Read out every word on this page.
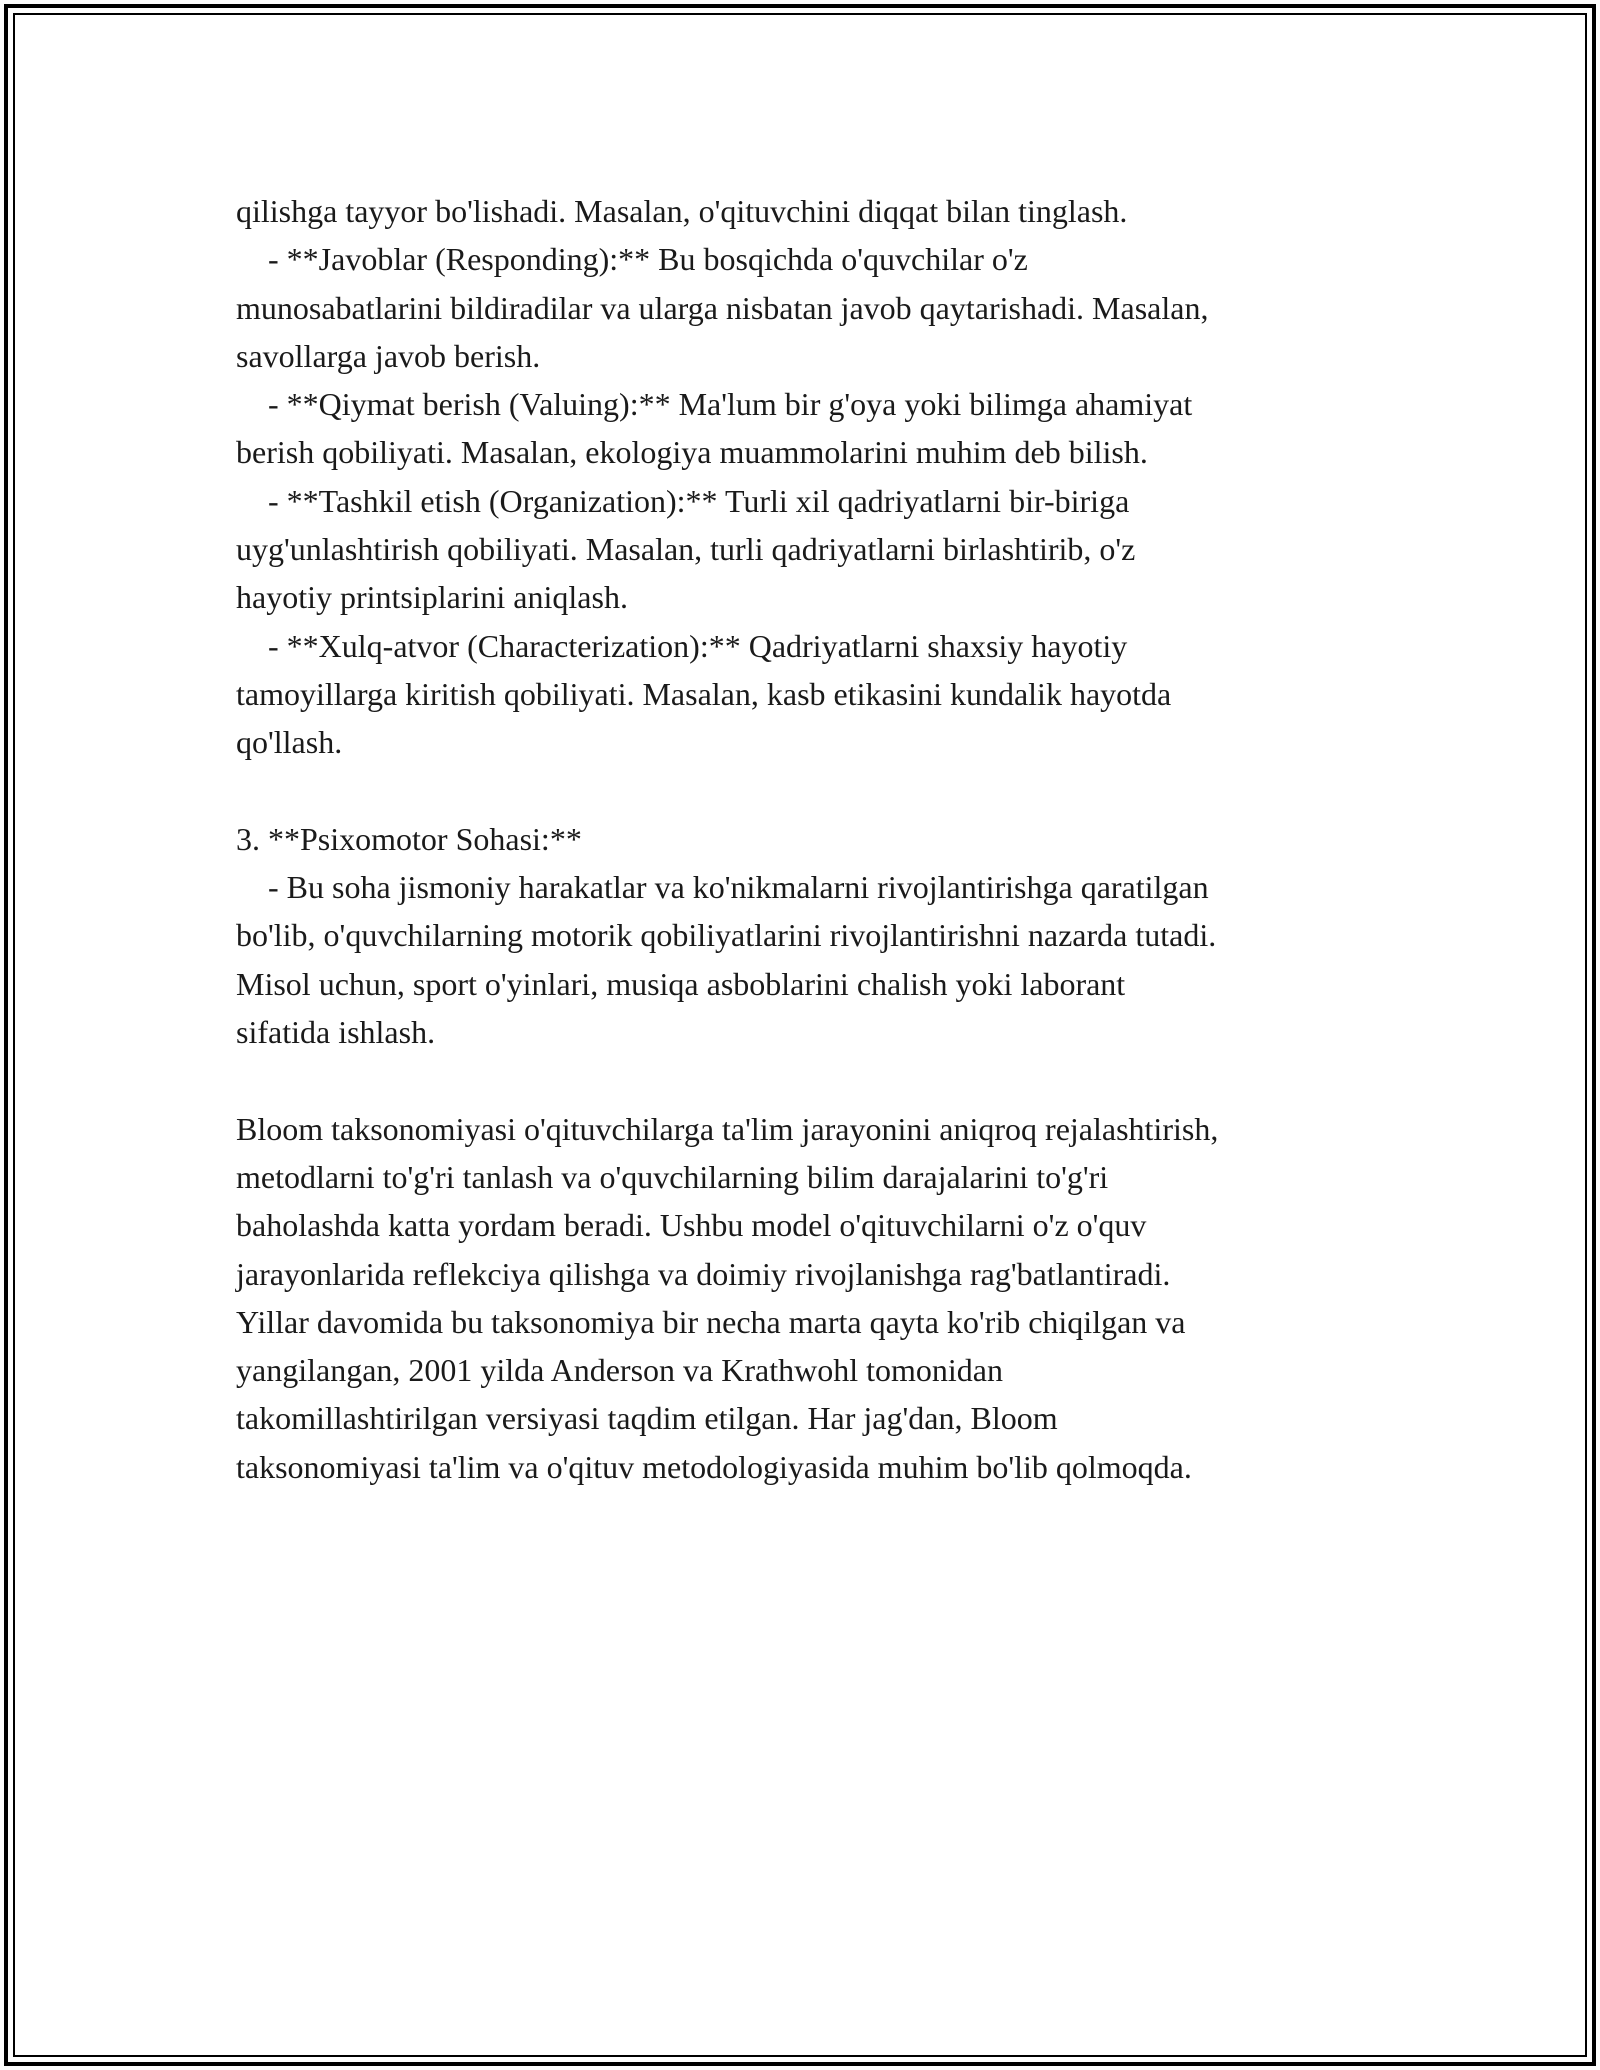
qilishga tayyor bo'lishadi. Masalan, o'qituvchini diqqat bilan tinglash.
- **Javoblar (Responding):** Bu bosqichda o'quvchilar o'z
munosabatlarini bildiradilar va ularga nisbatan javob qaytarishadi. Masalan,
savollarga javob berish.
- **Qiymat berish (Valuing):** Ma'lum bir g'oya yoki bilimga ahamiyat
berish qobiliyati. Masalan, ekologiya muammolarini muhim deb bilish.
- **Tashkil etish (Organization):** Turli xil qadriyatlarni bir-biriga
uyg'unlashtirish qobiliyati. Masalan, turli qadriyatlarni birlashtirib, o'z
hayotiy printsiplarini aniqlash.
- **Xulq-atvor (Characterization):** Qadriyatlarni shaxsiy hayotiy
tamoyillarga kiritish qobiliyati. Masalan, kasb etikasini kundalik hayotda
qo'llash.
3. **Psixomotor Sohasi:**
- Bu soha jismoniy harakatlar va ko'nikmalarni rivojlantirishga qaratilgan
bo'lib, o'quvchilarning motorik qobiliyatlarini rivojlantirishni nazarda tutadi.
Misol uchun, sport o'yinlari, musiqa asboblarini chalish yoki laborant
sifatida ishlash.
Bloom taksonomiyasi o'qituvchilarga ta'lim jarayonini aniqroq rejalashtirish,
metodlarni to'g'ri tanlash va o'quvchilarning bilim darajalarini to'g'ri
baholashda katta yordam beradi. Ushbu model o'qituvchilarni o'z o'quv
jarayonlarida reflekciya qilishga va doimiy rivojlanishga rag'batlantiradi.
Yillar davomida bu taksonomiya bir necha marta qayta ko'rib chiqilgan va
yangilangan, 2001 yilda Anderson va Krathwohl tomonidan
takomillashtirilgan versiyasi taqdim etilgan. Har jag'dan, Bloom
taksonomiyasi ta'lim va o'qituv metodologiyasida muhim bo'lib qolmoqda.
